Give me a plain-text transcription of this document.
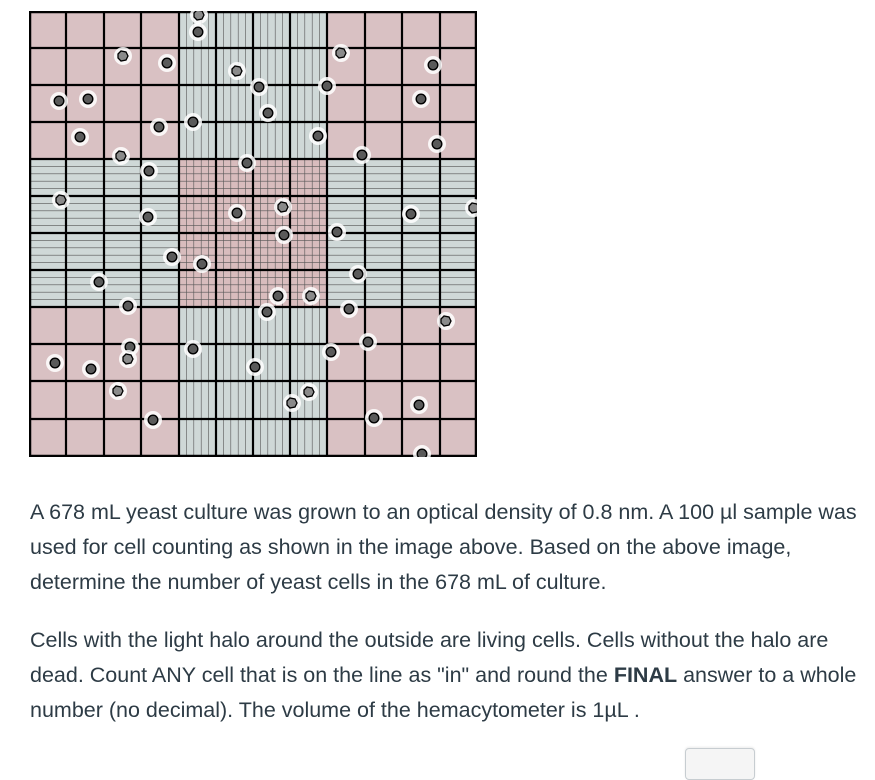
A 678 mL yeast culture was grown to an optical density of 0.8 nm. A 100 µl sample was used for cell counting as shown in the image above. Based on the above image, determine the number of yeast cells in the 678 mL of culture.

Cells with the light halo around the outside are living cells. Cells without the halo are dead. Count ANY cell that is on the line as "in" and round the FINAL answer to a whole number (no decimal). The volume of the hemacytometer is 1µL .
